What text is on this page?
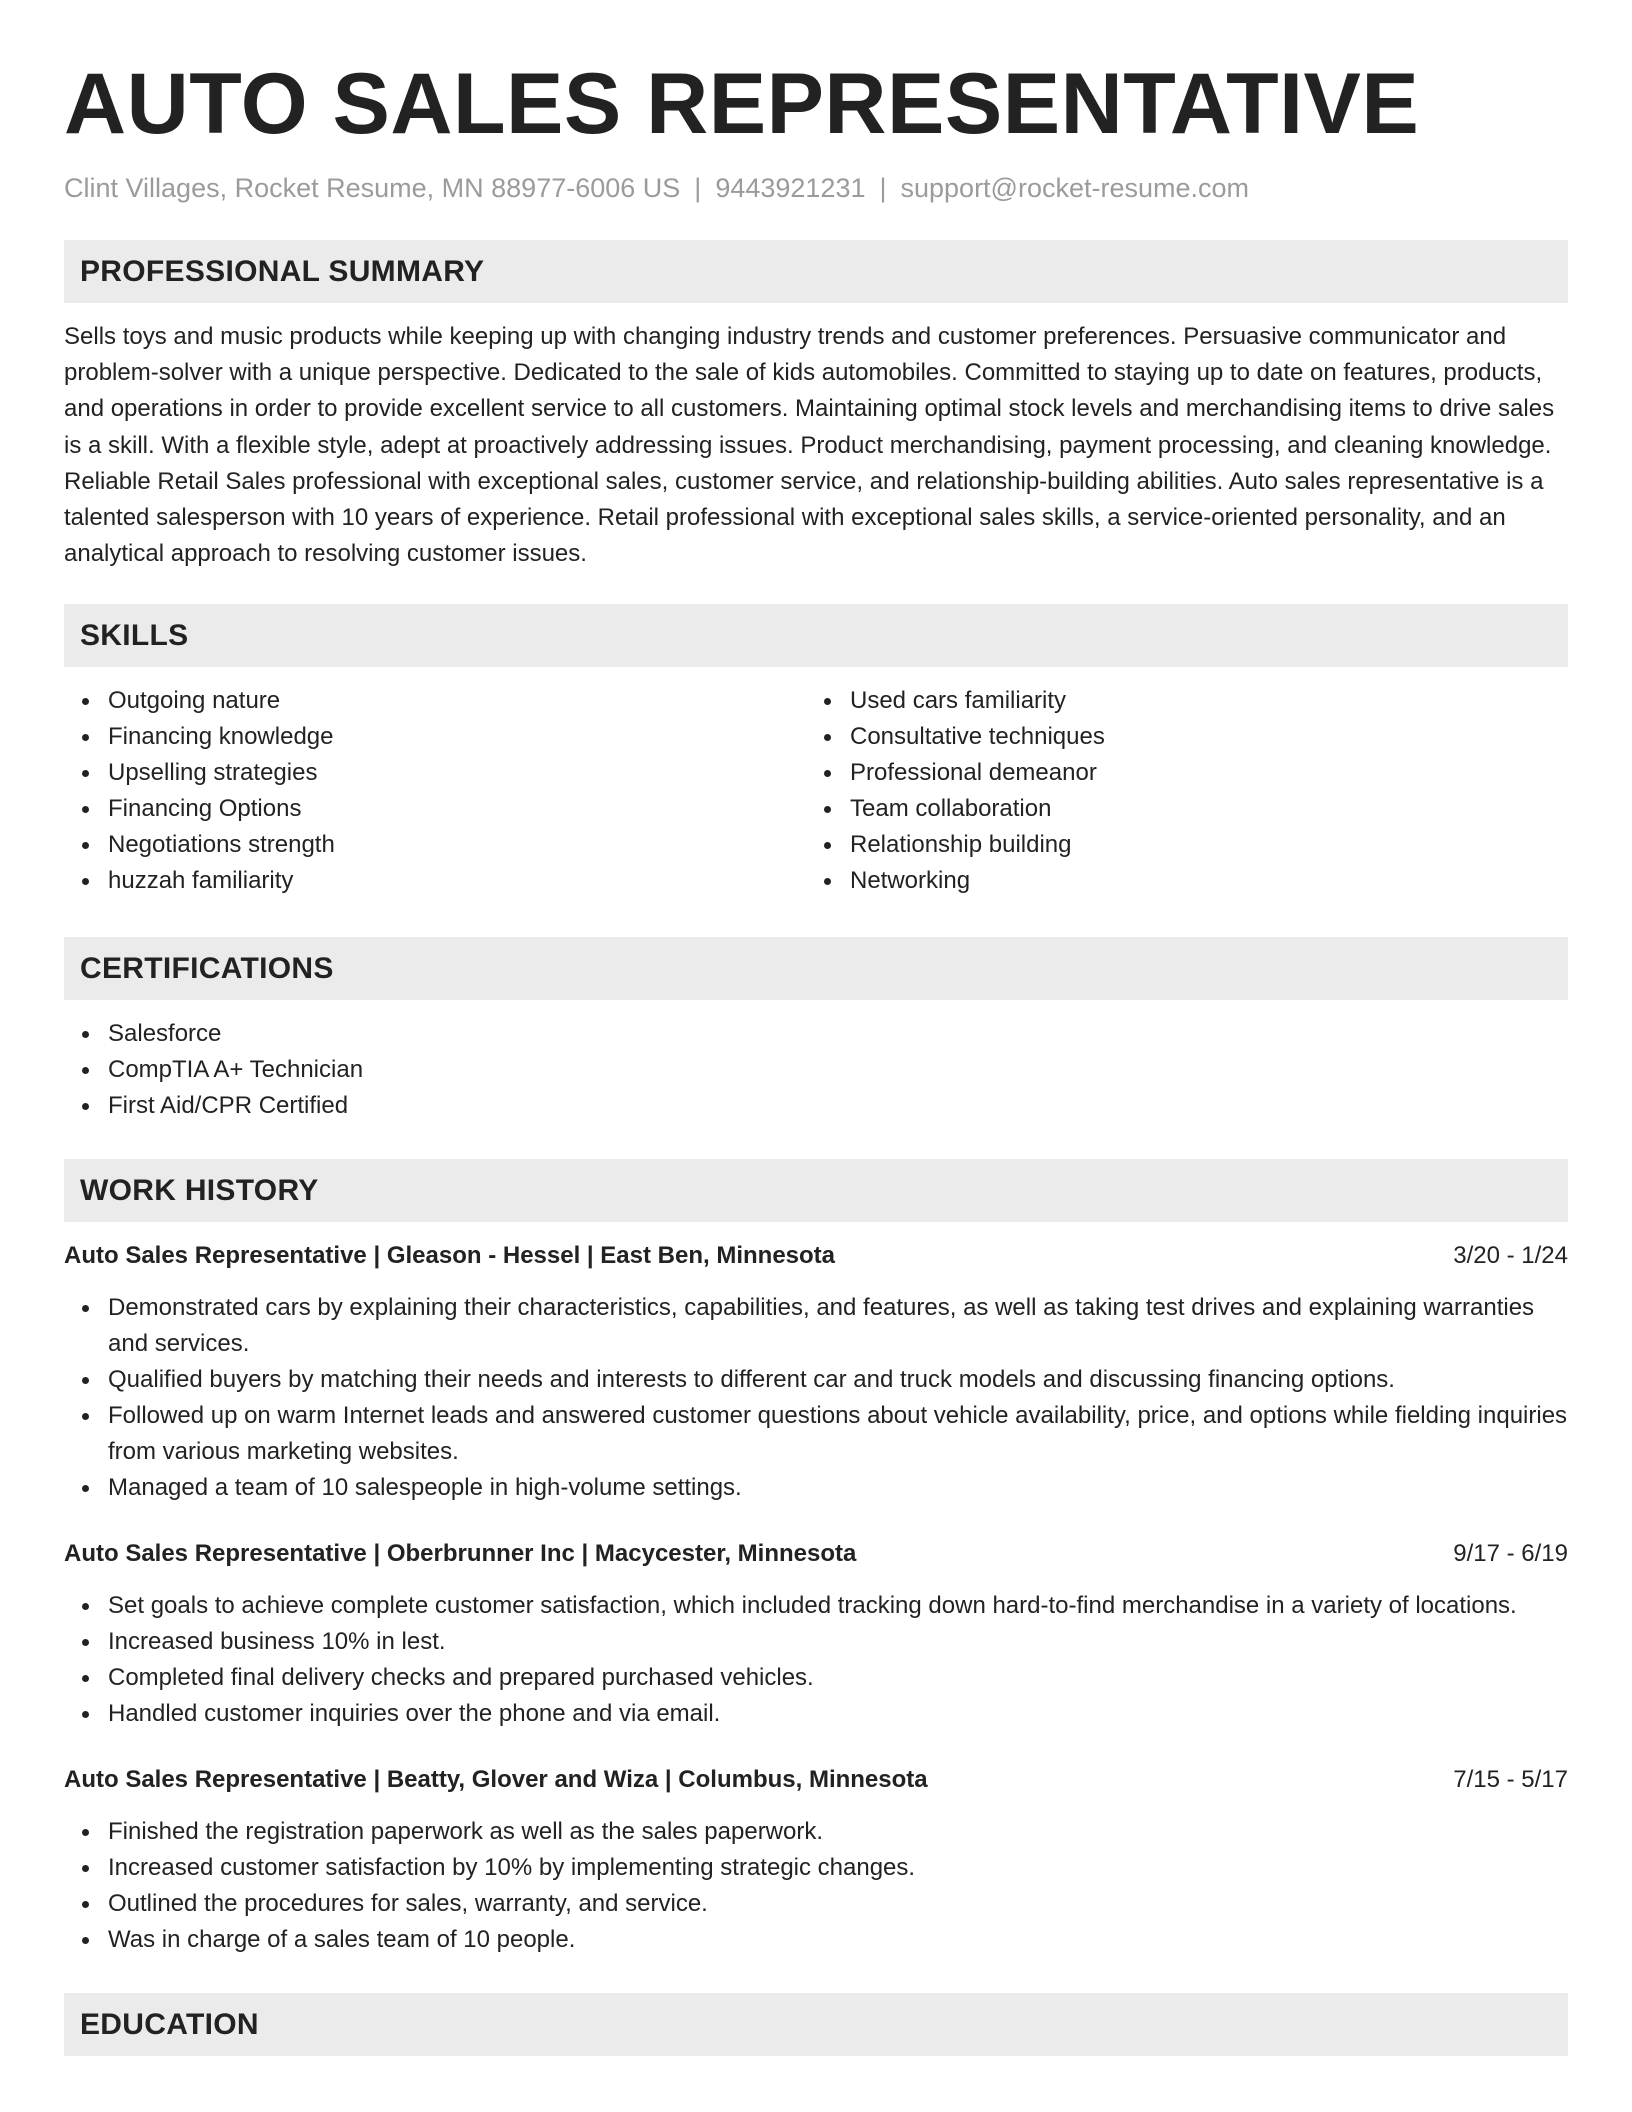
AUTO SALES REPRESENTATIVE
Clint Villages, Rocket Resume, MN 88977-6006 US | 9443921231 | support@rocket-resume.com
PROFESSIONAL SUMMARY

Sells toys and music products while keeping up with changing industry trends and customer preferences. Persuasive communicator and problem-solver with a unique perspective. Dedicated to the sale of kids automobiles. Committed to staying up to date on features, products, and operations in order to provide excellent service to all customers. Maintaining optimal stock levels and merchandising items to drive sales is a skill. With a flexible style, adept at proactively addressing issues. Product merchandising, payment processing, and cleaning knowledge. Reliable Retail Sales professional with exceptional sales, customer service, and relationship-building abilities. Auto sales representative is a talented salesperson with 10 years of experience. Retail professional with exceptional sales skills, a service-oriented personality, and an analytical approach to resolving customer issues.

SKILLS
Outgoing nature
Financing knowledge
Upselling strategies
Financing Options
Negotiations strength
huzzah familiarity
Used cars familiarity
Consultative techniques
Professional demeanor
Team collaboration
Relationship building
Networking
CERTIFICATIONS
Salesforce
CompTIA A+ Technician
First Aid/CPR Certified
WORK HISTORY
Auto Sales Representative | Gleason - Hessel | East Ben, Minnesota	3/20 - 1/24
Demonstrated cars by explaining their characteristics, capabilities, and features, as well as taking test drives and explaining warranties and services.
Qualified buyers by matching their needs and interests to different car and truck models and discussing financing options.
Followed up on warm Internet leads and answered customer questions about vehicle availability, price, and options while fielding inquiries from various marketing websites.
Managed a team of 10 salespeople in high-volume settings.
Auto Sales Representative | Oberbrunner Inc | Macycester, Minnesota	9/17 - 6/19
Set goals to achieve complete customer satisfaction, which included tracking down hard-to-find merchandise in a variety of locations.
Increased business 10% in lest.
Completed final delivery checks and prepared purchased vehicles.
Handled customer inquiries over the phone and via email.
Auto Sales Representative | Beatty, Glover and Wiza | Columbus, Minnesota	7/15 - 5/17
Finished the registration paperwork as well as the sales paperwork.
Increased customer satisfaction by 10% by implementing strategic changes.
Outlined the procedures for sales, warranty, and service.
Was in charge of a sales team of 10 people.
EDUCATION
